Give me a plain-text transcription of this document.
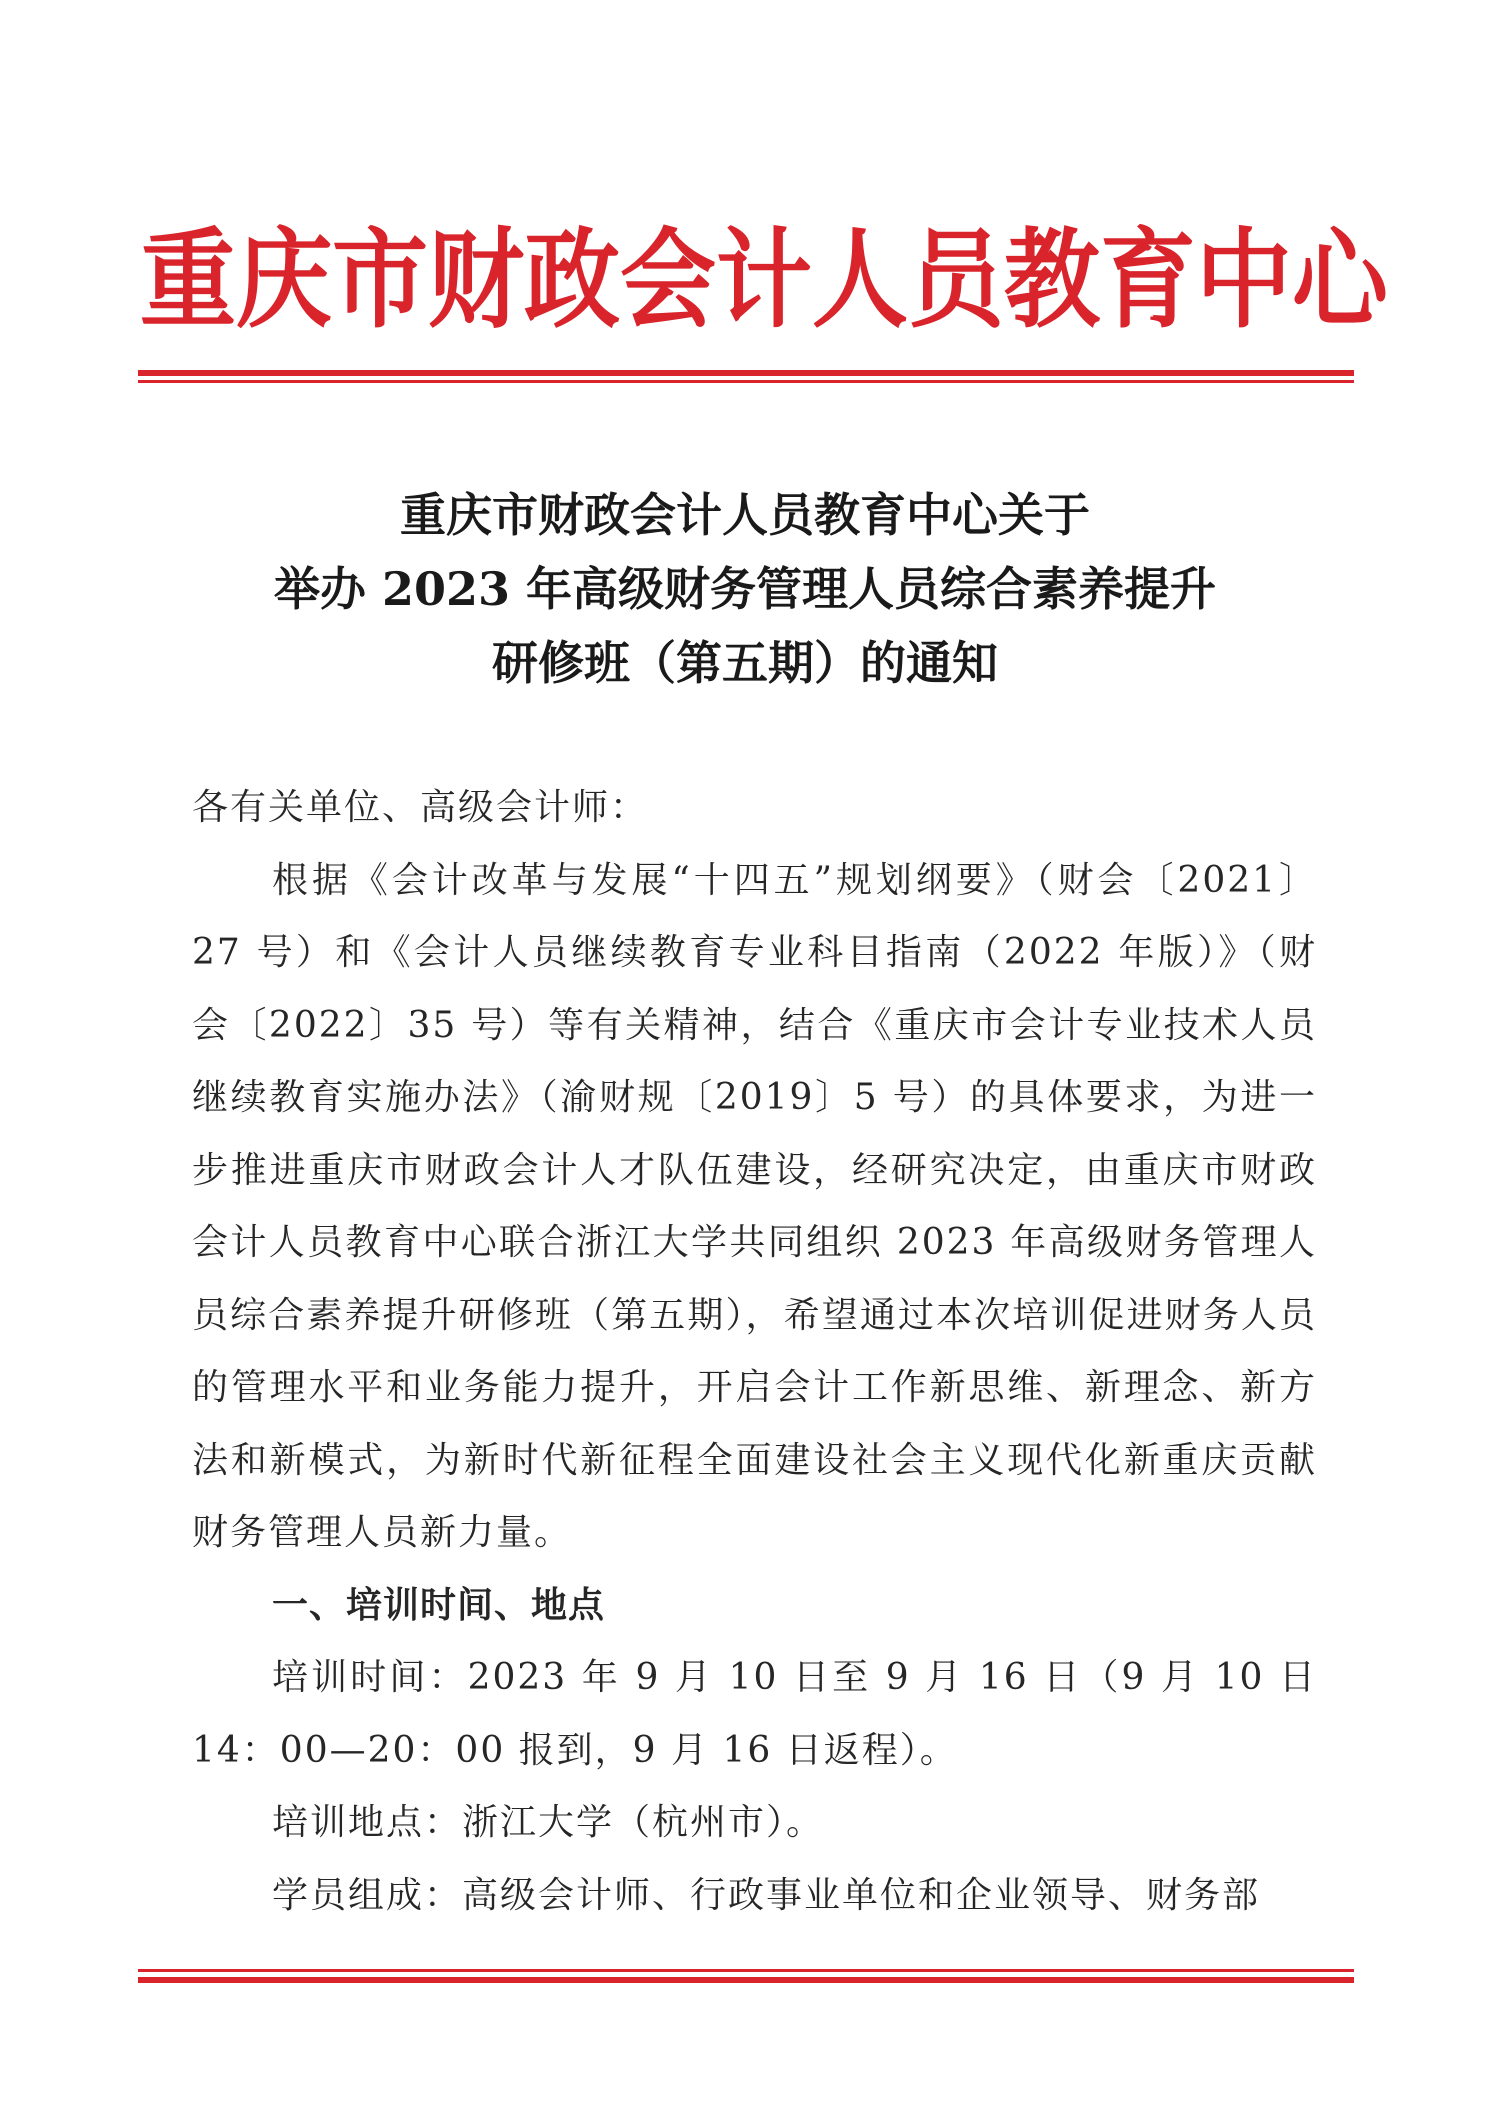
重庆市财政会计人员教育中心
重庆市财政会计人员教育中心关于
举办 2023 年高级财务管理人员综合素养提升
研修班（第五期）的通知

各有关单位、高级会计师：

根据《会计改革与发展“十四五”规划纲要》（财会〔2021〕27 号）和《会计人员继续教育专业科目指南（2022 年版）》（财会〔2022〕35 号）等有关精神，结合《重庆市会计专业技术人员继续教育实施办法》（渝财规〔2019〕5 号）的具体要求，为进一步推进重庆市财政会计人才队伍建设，经研究决定，由重庆市财政会计人员教育中心联合浙江大学共同组织 2023 年高级财务管理人员综合素养提升研修班（第五期），希望通过本次培训促进财务人员的管理水平和业务能力提升，开启会计工作新思维、新理念、新方法和新模式，为新时代新征程全面建设社会主义现代化新重庆贡献财务管理人员新力量。

一、培训时间、地点

培训时间：2023 年 9 月 10 日至 9 月 16 日（9 月 10 日 14：00—20：00 报到，9 月 16 日返程）。

培训地点：浙江大学（杭州市）。

学员组成：高级会计师、行政事业单位和企业领导、财务部
